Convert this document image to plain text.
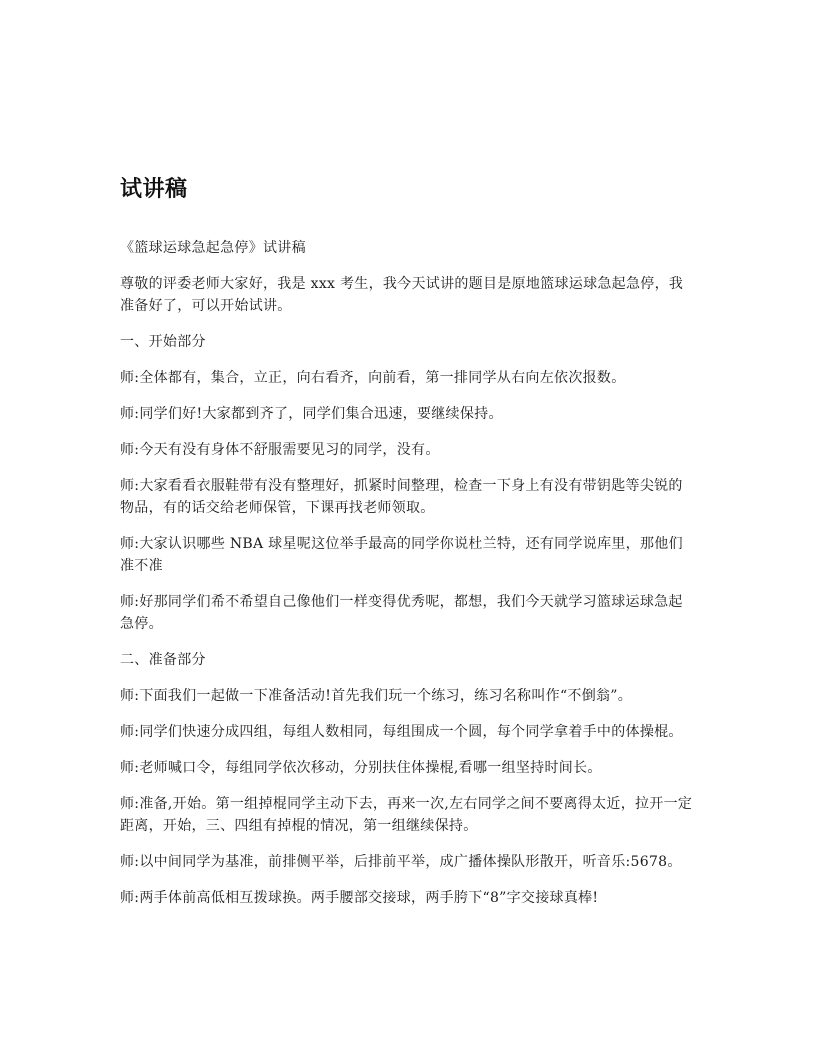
试讲稿

《篮球运球急起急停》试讲稿

尊敬的评委老师大家好，我是 xxx 考生，我今天试讲的题目是原地篮球运球急起急停，我准备好了，可以开始试讲。

一、开始部分

师:全体都有，集合，立正，向右看齐，向前看，第一排同学从右向左依次报数。

师:同学们好!大家都到齐了，同学们集合迅速，要继续保持。

师:今天有没有身体不舒服需要见习的同学，没有。

师:大家看看衣服鞋带有没有整理好，抓紧时间整理，检查一下身上有没有带钥匙等尖锐的物品，有的话交给老师保管，下课再找老师领取。

师:大家认识哪些 NBA 球星呢这位举手最高的同学你说杜兰特，还有同学说库里，那他们准不准

师:好那同学们希不希望自己像他们一样变得优秀呢，都想，我们今天就学习篮球运球急起急停。

二、准备部分

师:下面我们一起做一下准备活动!首先我们玩一个练习，练习名称叫作“不倒翁”。

师:同学们快速分成四组，每组人数相同，每组围成一个圆，每个同学拿着手中的体操棍。

师:老师喊口令，每组同学依次移动，分别扶住体操棍,看哪一组坚持时间长。

师:准备,开始。第一组掉棍同学主动下去，再来一次,左右同学之间不要离得太近，拉开一定距离，开始，三、四组有掉棍的情况，第一组继续保持。

师:以中间同学为基准，前排侧平举，后排前平举，成广播体操队形散开，听音乐:5678。

师:两手体前高低相互拨球换。两手腰部交接球，两手胯下“8”字交接球真棒!
